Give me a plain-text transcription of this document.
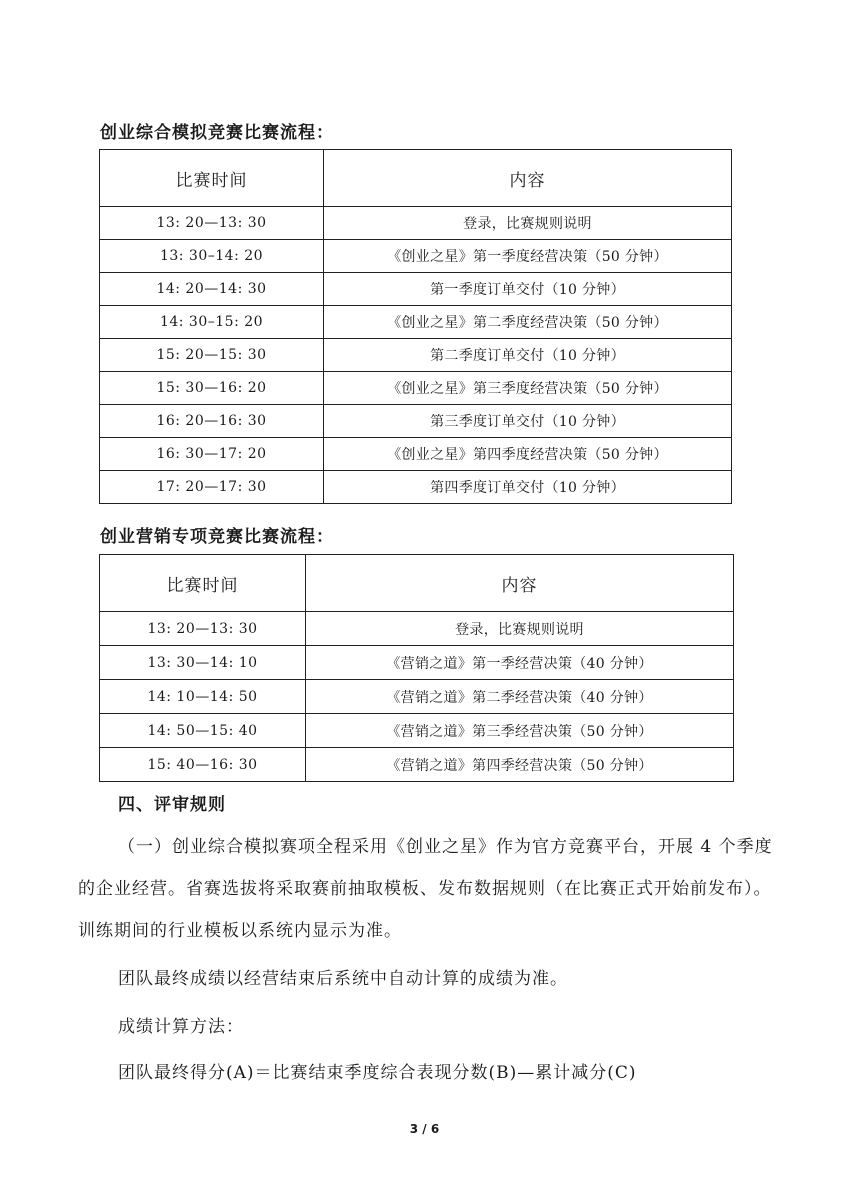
创业综合模拟竞赛比赛流程：
比赛时间	内容
13: 20—13: 30	登录，比赛规则说明
13: 30–14: 20	《创业之星》第一季度经营决策（50 分钟）
14: 20—14: 30	第一季度订单交付（10 分钟）
14: 30–15: 20	《创业之星》第二季度经营决策（50 分钟）
15: 20—15: 30	第二季度订单交付（10 分钟）
15: 30—16: 20	《创业之星》第三季度经营决策（50 分钟）
16: 20—16: 30	第三季度订单交付（10 分钟）
16: 30—17: 20	《创业之星》第四季度经营决策（50 分钟）
17: 20—17: 30	第四季度订单交付（10 分钟）
创业营销专项竞赛比赛流程：
比赛时间	内容
13: 20—13: 30	登录，比赛规则说明
13: 30—14: 10	《营销之道》第一季经营决策（40 分钟）
14: 10—14: 50	《营销之道》第二季经营决策（40 分钟）
14: 50—15: 40	《营销之道》第三季经营决策（50 分钟）
15: 40—16: 30	《营销之道》第四季经营决策（50 分钟）
四、评审规则
（一）创业综合模拟赛项全程采用《创业之星》作为官方竞赛平台，开展 4 个季度的企业经营。省赛选拔将采取赛前抽取模板、发布数据规则（在比赛正式开始前发布）。训练期间的行业模板以系统内显示为准。
团队最终成绩以经营结束后系统中自动计算的成绩为准。
成绩计算方法：
团队最终得分(A)＝比赛结束季度综合表现分数(B)—累计减分(C)
3 / 6
